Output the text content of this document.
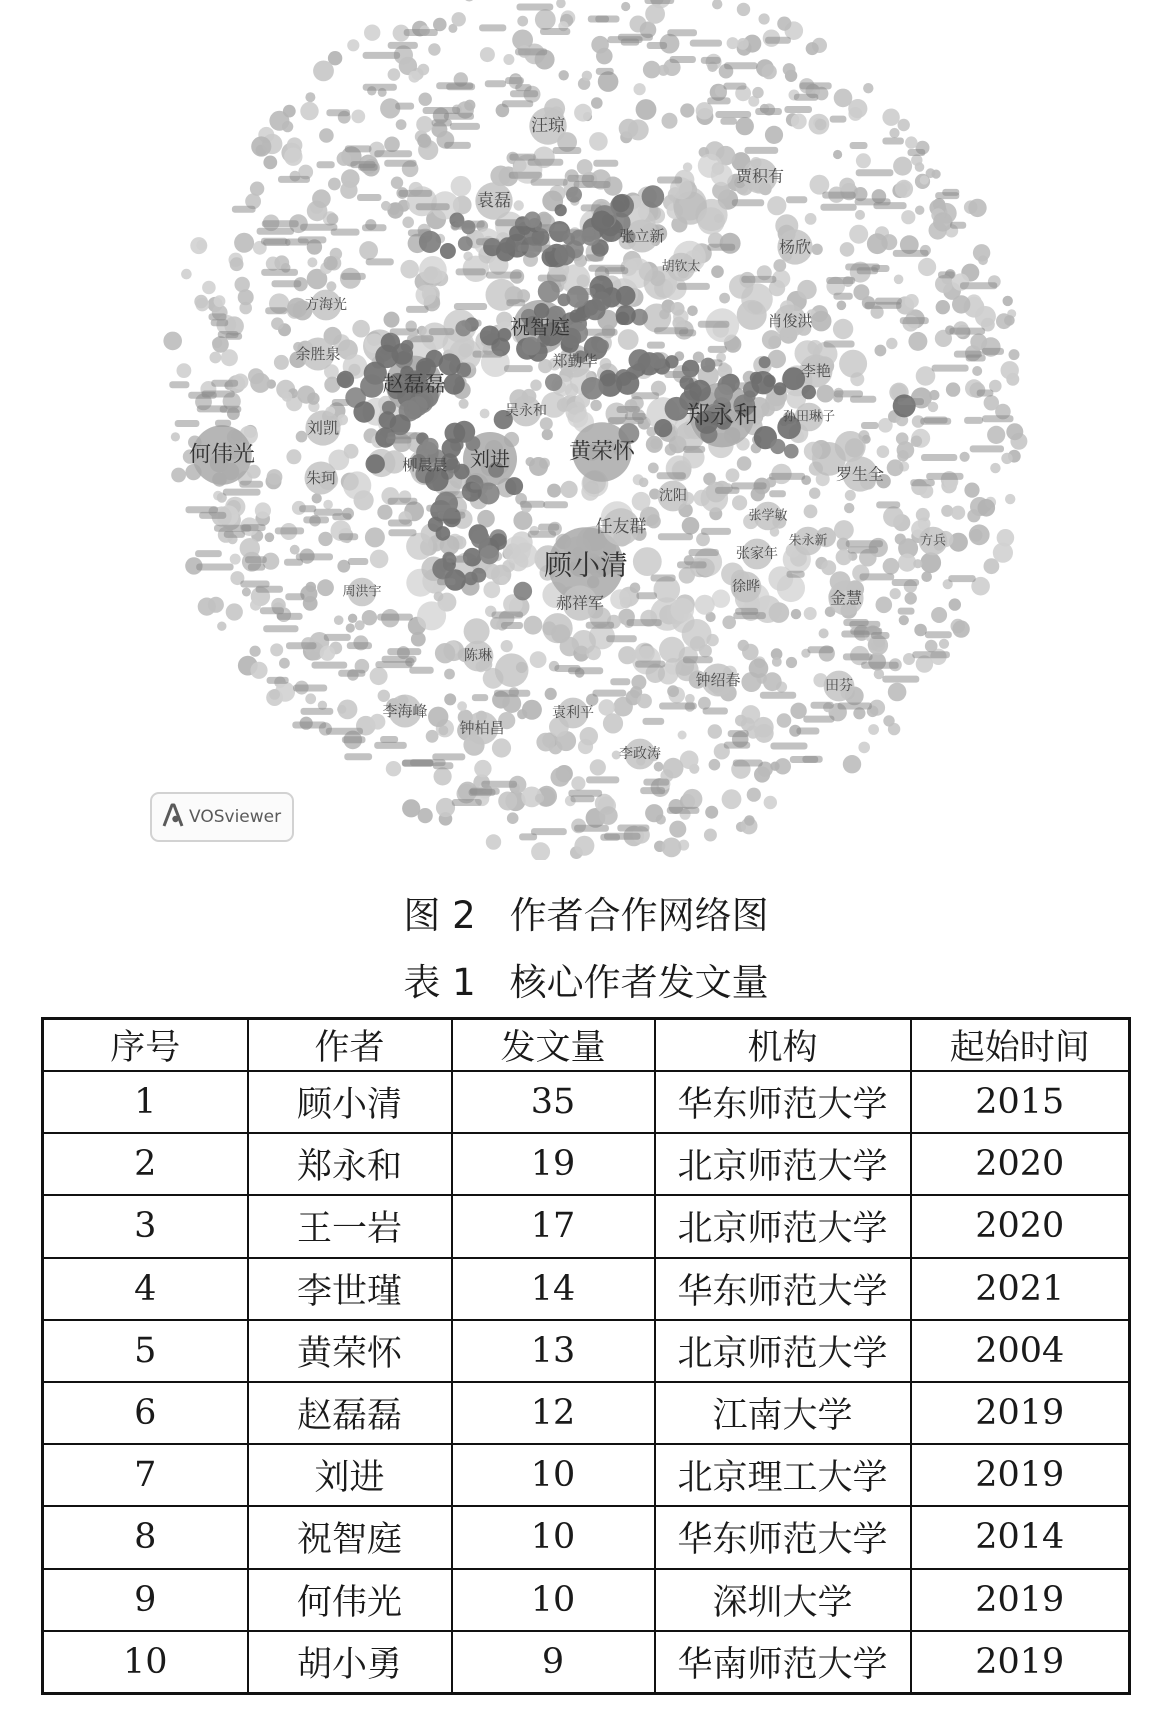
顾小清
郑永和
黄荣怀
赵磊磊
何伟光
祝智庭
刘进
任友群
郝祥军
汪琼
袁磊
贾积有
杨欣
张立新
肖俊洪
李艳
罗生全
金慧
钟绍春
李海峰
钟柏昌
郑勤华
刘凯
余胜泉
朱珂
吴永和
柳晨晨
张家年
徐晔
田芬
袁利平
李政涛
陈琳
沈阳
孙田琳子
周洪宇
方海光
朱永新
张学敏
方兵
胡钦太
VOSviewer
图 2 作者合作网络图
表 1 核心作者发文量
序号	作者	发文量	机构	起始时间
1	顾小清	35	华东师范大学	2015
2	郑永和	19	北京师范大学	2020
3	王一岩	17	北京师范大学	2020
4	李世瑾	14	华东师范大学	2021
5	黄荣怀	13	北京师范大学	2004
6	赵磊磊	12	江南大学	2019
7	刘进	10	北京理工大学	2019
8	祝智庭	10	华东师范大学	2014
9	何伟光	10	深圳大学	2019
10	胡小勇	9	华南师范大学	2019
